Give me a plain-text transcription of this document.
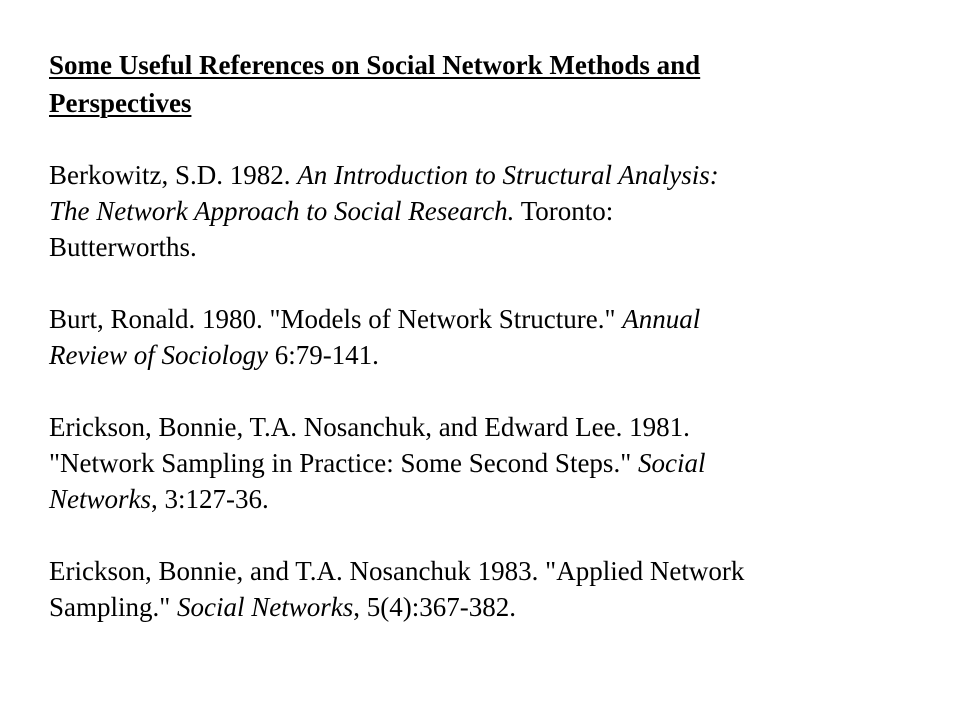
Some Useful References on Social Network Methods and
Perspectives

Berkowitz, S.D. 1982. An Introduction to Structural Analysis:
The Network Approach to Social Research. Toronto:
Butterworths.

Burt, Ronald. 1980. "Models of Network Structure." Annual
Review of Sociology 6:79-141.

Erickson, Bonnie, T.A. Nosanchuk, and Edward Lee. 1981.
"Network Sampling in Practice: Some Second Steps." Social
Networks, 3:127-36.

Erickson, Bonnie, and T.A. Nosanchuk 1983. "Applied Network
Sampling." Social Networks, 5(4):367-382.
